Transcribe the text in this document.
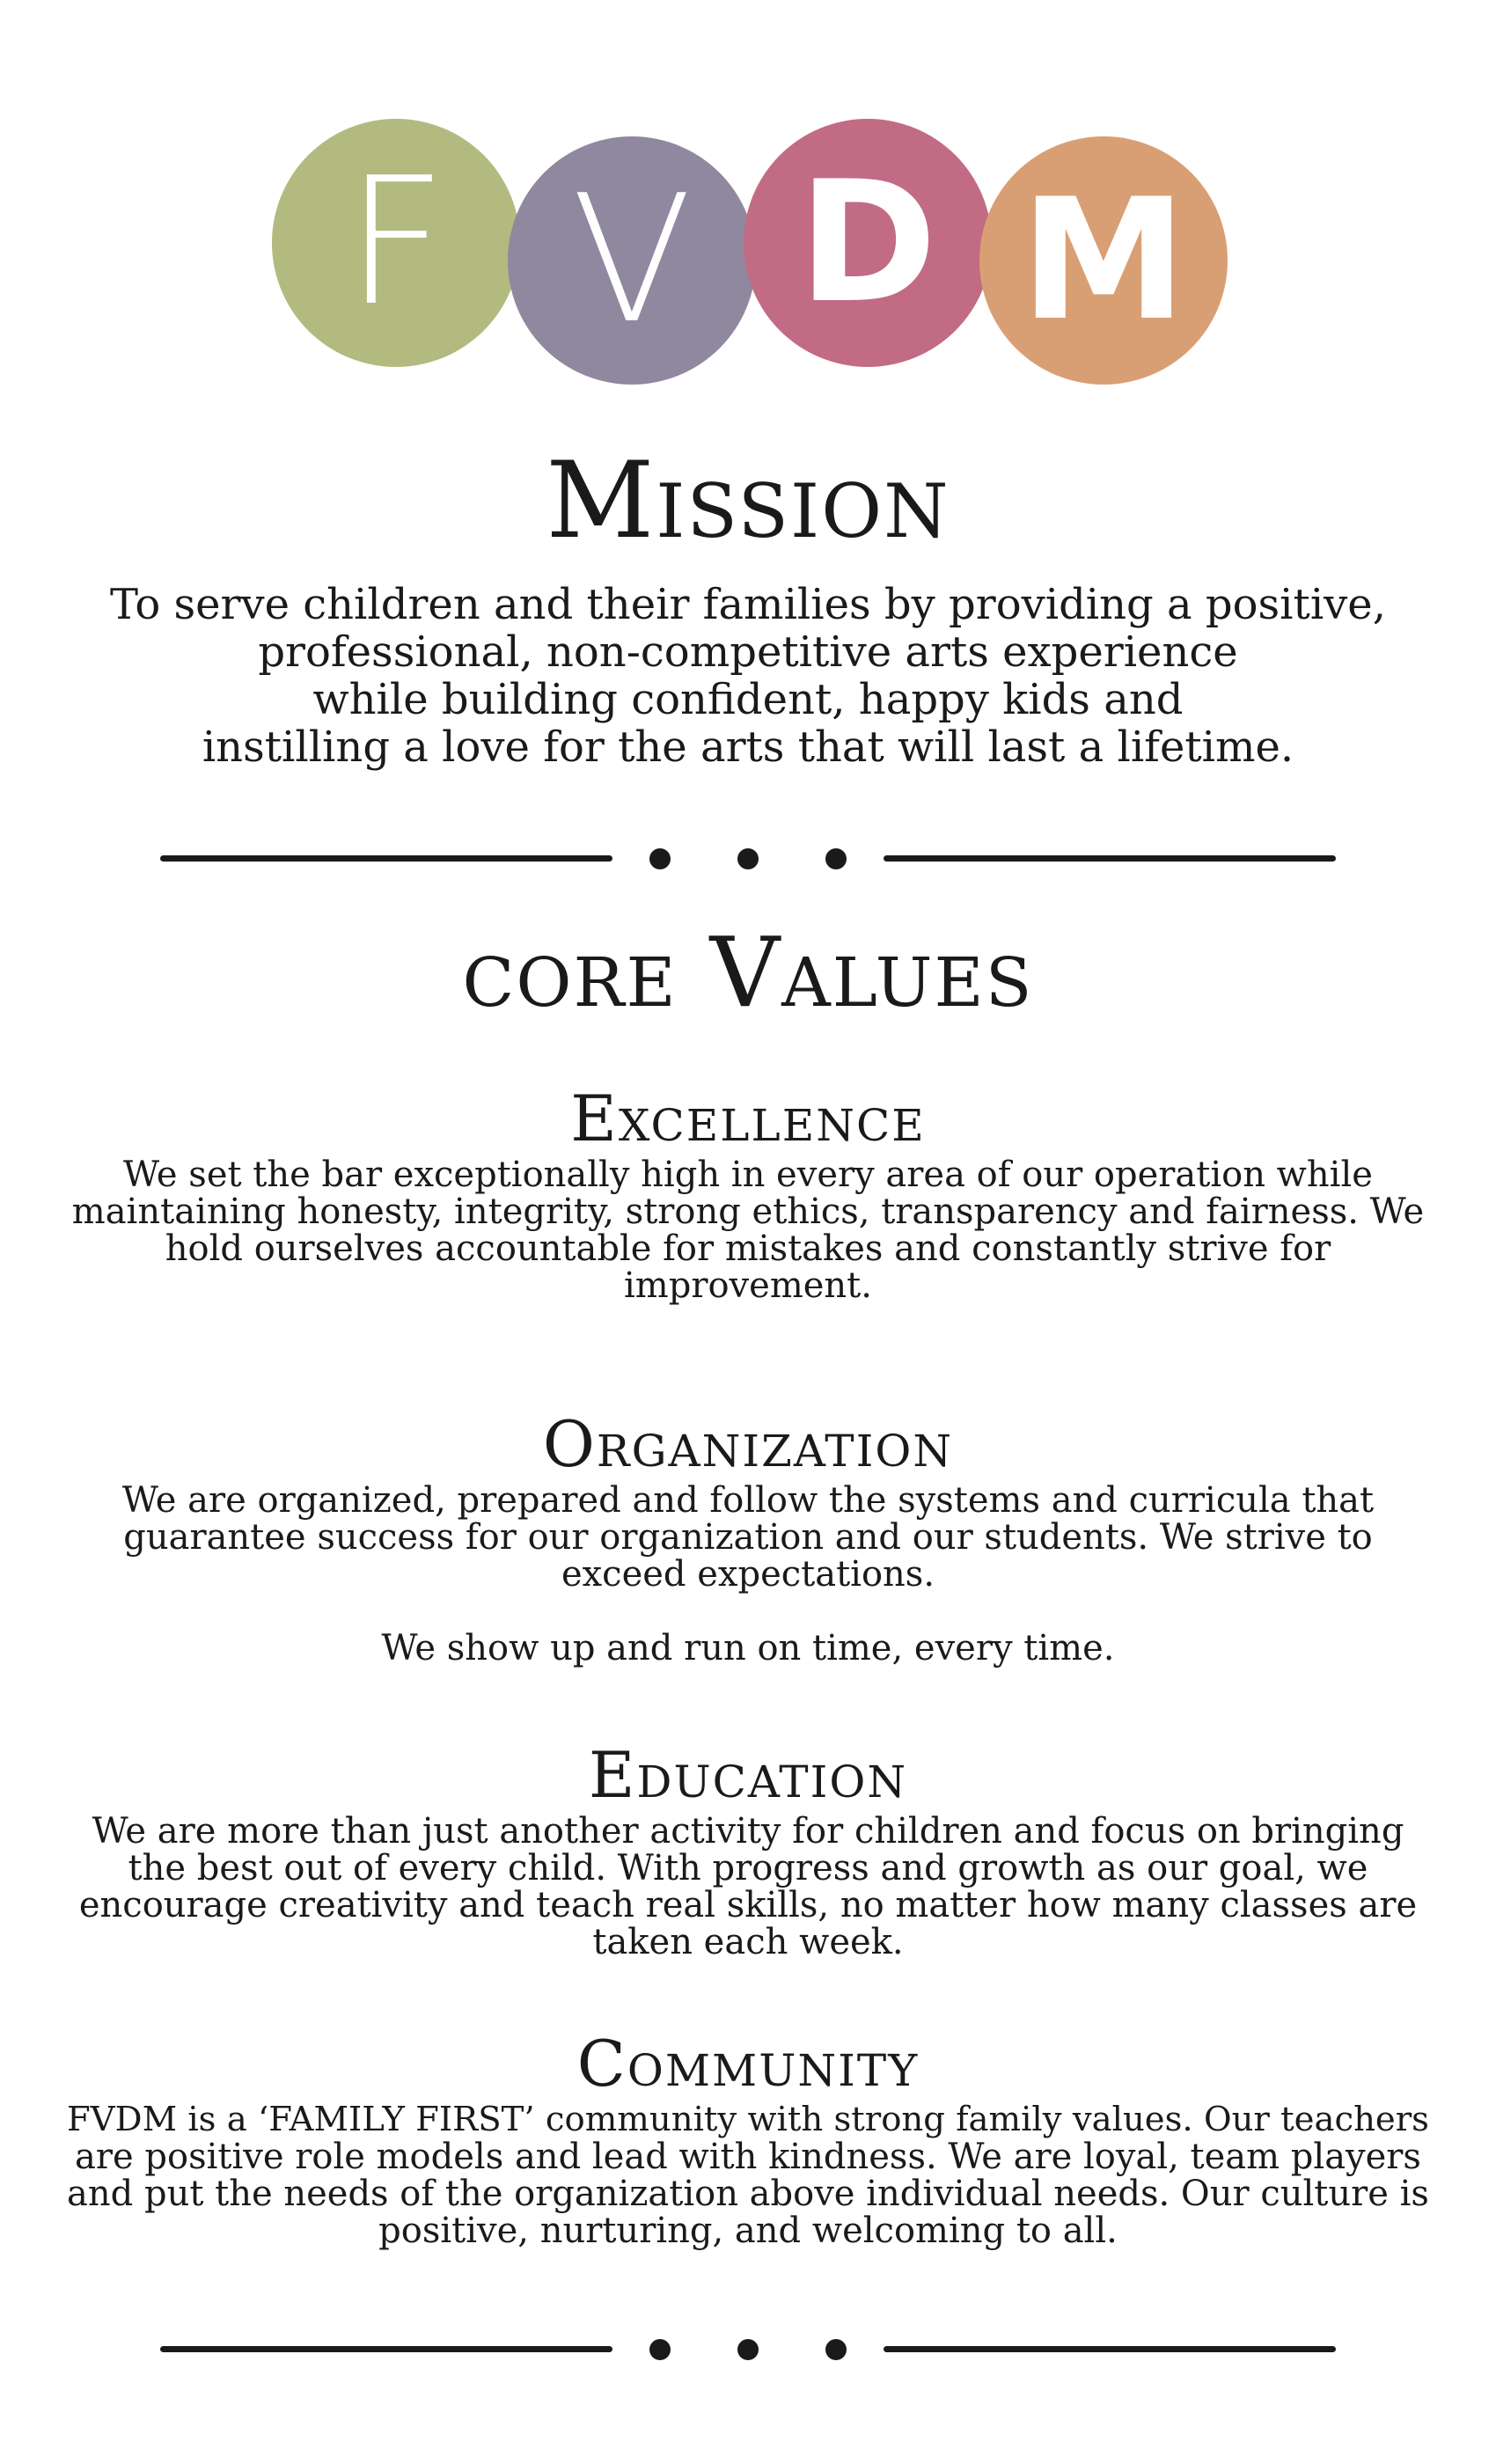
F V D M
Mission
To serve children and their families by providing a positive,
professional, non-competitive arts experience
while building confident, happy kids and
instilling a love for the arts that will last a lifetime.
core Values
Excellence
We set the bar exceptionally high in every area of our operation while
maintaining honesty, integrity, strong ethics, transparency and fairness. We
hold ourselves accountable for mistakes and constantly strive for
improvement.
Organization
We are organized, prepared and follow the systems and curricula that
guarantee success for our organization and our students. We strive to
exceed expectations.
We show up and run on time, every time.
Education
We are more than just another activity for children and focus on bringing
the best out of every child. With progress and growth as our goal, we
encourage creativity and teach real skills, no matter how many classes are
taken each week.
Community
FVDM is a ‘FAMILY FIRST’ community with strong family values. Our teachers
are positive role models and lead with kindness. We are loyal, team players
and put the needs of the organization above individual needs. Our culture is
positive, nurturing, and welcoming to all.
